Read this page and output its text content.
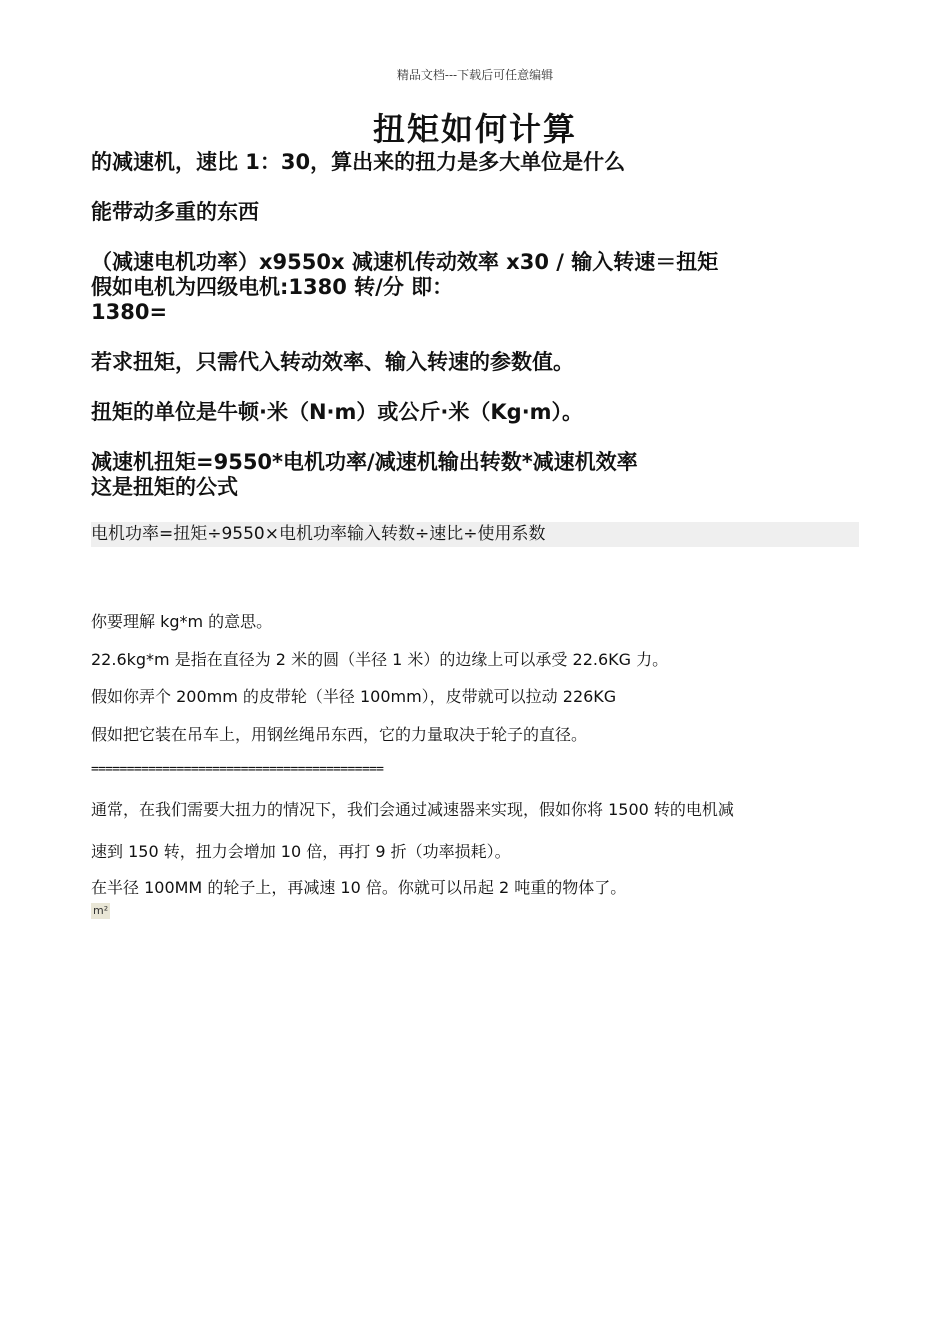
精品文档---下载后可任意编辑
扭矩如何计算
的减速机，速比 1：30，算出来的扭力是多大单位是什么
能带动多重的东西
（减速电机功率）x9550x 减速机传动效率 x30 / 输入转速＝扭矩
假如电机为四级电机:1380 转/分 即：
1380=
若求扭矩，只需代入转动效率、输入转速的参数值。
扭矩的单位是牛顿·米（N·m）或公斤·米（Kg·m）。
减速机扭矩=9550*电机功率/减速机输出转数*减速机效率
这是扭矩的公式
电机功率=扭矩÷9550×电机功率输入转数÷速比÷使用系数
你要理解 kg*m 的意思。
22.6kg*m 是指在直径为 2 米的圆（半径 1 米）的边缘上可以承受 22.6KG 力。
假如你弄个 200mm 的皮带轮（半径 100mm），皮带就可以拉动 226KG
假如把它装在吊车上，用钢丝绳吊东西，它的力量取决于轮子的直径。
=========================================
通常，在我们需要大扭力的情况下，我们会通过减速器来实现，假如你将 1500 转的电机减
速到 150 转，扭力会增加 10 倍，再打 9 折（功率损耗）。
在半径 100MM 的轮子上，再减速 10 倍。你就可以吊起 2 吨重的物体了。
m²
